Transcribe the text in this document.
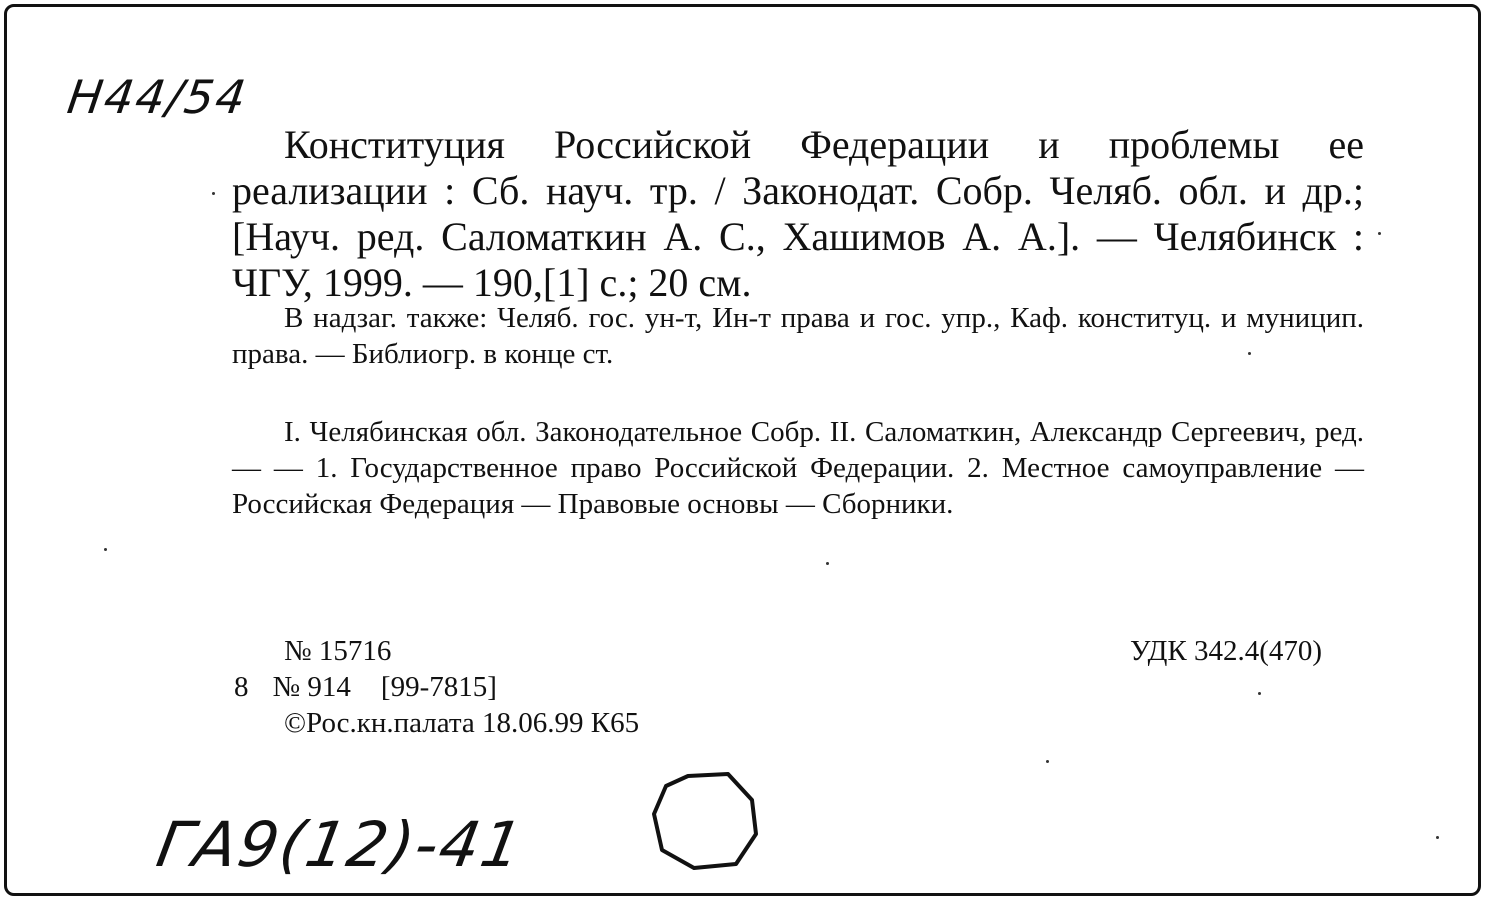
Н44/54
Конституция Российской Федерации и проблемы ее реализации : Сб. науч. тр. / Законодат. Собр. Челяб. обл. и др.; [Науч. ред. Саломаткин А. С., Хашимов А. А.]. — Челябинск : ЧГУ, 1999. — 190,[1] с.; 20 см.
В надзаг. также: Челяб. гос. ун-т, Ин-т права и гос. упр., Каф. конституц. и муницип. права. — Библиогр. в конце ст.
I. Челябинская обл. Законодательное Собр. II. Саломаткин, Александр Сергеевич, ред. — — 1. Государственное право Российской Федерации. 2. Местное самоуправление — Российская Федерация — Правовые основы — Сборники.
№ 15716	УДК 342.4(470)
8 № 914 [99-7815]
©Рос.кн.палата 18.06.99 К65
ГА9(12)-41
